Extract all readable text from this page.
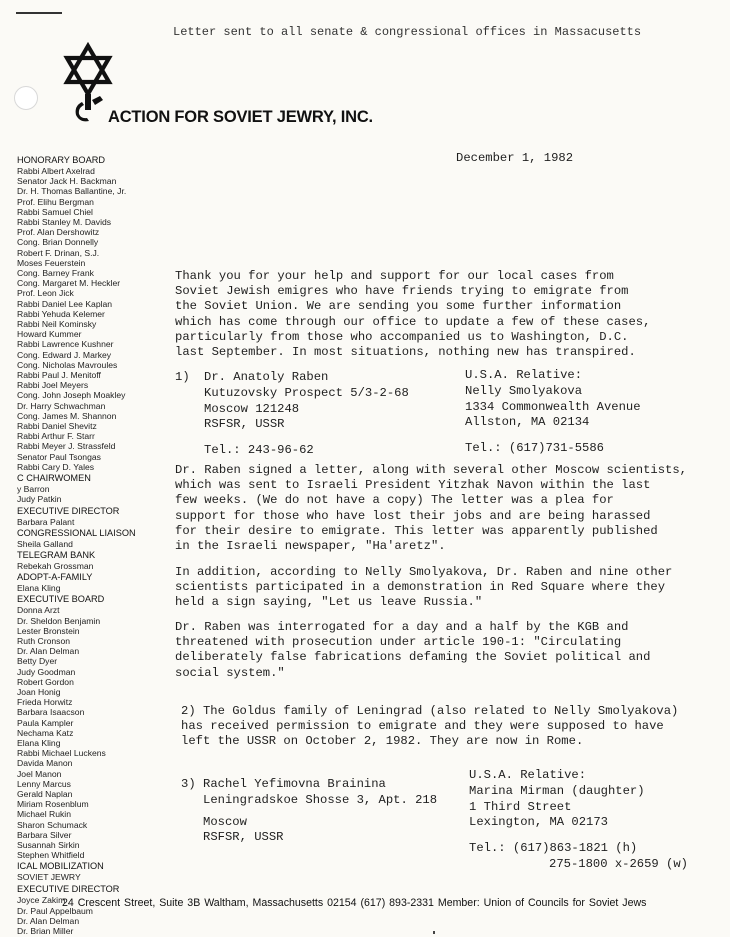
Letter sent to all senate & congressional offices in Massacusetts
ACTION FOR SOVIET JEWRY, INC.
HONORARY BOARD
Rabbi Albert Axelrad
Senator Jack H. Backman
Dr. H. Thomas Ballantine, Jr.
Prof. Elihu Bergman
Rabbi Samuel Chiel
Rabbi Stanley M. Davids
Prof. Alan Dershowitz
Cong. Brian Donnelly
Robert F. Drinan, S.J.
Moses Feuerstein
Cong. Barney Frank
Cong. Margaret M. Heckler
Prof. Leon Jick
Rabbi Daniel Lee Kaplan
Rabbi Yehuda Kelemer
Rabbi Neil Kominsky
Howard Kummer
Rabbi Lawrence Kushner
Cong. Edward J. Markey
Cong. Nicholas Mavroules
Rabbi Paul J. Menitoff
Rabbi Joel Meyers
Cong. John Joseph Moakley
Dr. Harry Schwachman
Cong. James M. Shannon
Rabbi Daniel Shevitz
Rabbi Arthur F. Starr
Rabbi Meyer J. Strassfeld
Senator Paul Tsongas
Rabbi Cary D. Yales
C CHAIRWOMEN
y Barron
Judy Patkin
EXECUTIVE DIRECTOR
Barbara Palant
CONGRESSIONAL LIAISON
Sheila Galland
TELEGRAM BANK
Rebekah Grossman
ADOPT-A-FAMILY
Elana Kling
EXECUTIVE BOARD
Donna Arzt
Dr. Sheldon Benjamin
Lester Bronstein
Ruth Cronson
Dr. Alan Delman
Betty Dyer
Judy Goodman
Robert Gordon
Joan Honig
Frieda Horwitz
Barbara Isaacson
Paula Kampler
Nechama Katz
Elana Kling
Rabbi Michael Luckens
Davida Manon
Joel Manon
Lenny Marcus
Gerald Naplan
Miriam Rosenblum
Michael Rukin
Sharon Schumack
Barbara Silver
Susannah Sirkin
Stephen Whitfield
ICAL MOBILIZATION
SOVIET JEWRY
EXECUTIVE DIRECTOR
Joyce Zakim
Dr. Paul Appelbaum
Dr. Alan Delman
Dr. Brian Miller
December 1, 1982
Thank you for your help and support for our local cases from
Soviet Jewish emigres who have friends trying to emigrate from
the Soviet Union. We are sending you some further information
which has come through our office to update a few of these cases,
particularly from those who accompanied us to Washington, D.C.
last September. In most situations, nothing new has transpired.
1) Dr. Anatoly Raben
Kutuzovsky Prospect 5/3-2-68
Moscow 121248
RSFSR, USSR
Tel.: 243-96-62
U.S.A. Relative:
Nelly Smolyakova
1334 Commonwealth Avenue
Allston, MA 02134
Tel.: (617)731-5586
Dr. Raben signed a letter, along with several other Moscow scientists,
which was sent to Israeli President Yitzhak Navon within the last
few weeks. (We do not have a copy) The letter was a plea for
support for those who have lost their jobs and are being harassed
for their desire to emigrate. This letter was apparently published
in the Israeli newspaper, "Ha'aretz".
In addition, according to Nelly Smolyakova, Dr. Raben and nine other
scientists participated in a demonstration in Red Square where they
held a sign saying, "Let us leave Russia."
Dr. Raben was interrogated for a day and a half by the KGB and
threatened with prosecution under article 190-1: "Circulating
deliberately false fabrications defaming the Soviet political and
social system."
2) The Goldus family of Leningrad (also related to Nelly Smolyakova)
has received permission to emigrate and they were supposed to have
left the USSR on October 2, 1982. They are now in Rome.
3) Rachel Yefimovna Brainina
Leningradskoe Shosse 3, Apt. 218
Moscow
RSFSR, USSR
U.S.A. Relative:
Marina Mirman (daughter)
1 Third Street
Lexington, MA 02173
Tel.: (617)863-1821 (h)
275-1800 x-2659 (w)
24 Crescent Street, Suite 3B Waltham, Massachusetts 02154 (617) 893-2331 Member: Union of Councils for Soviet Jews
